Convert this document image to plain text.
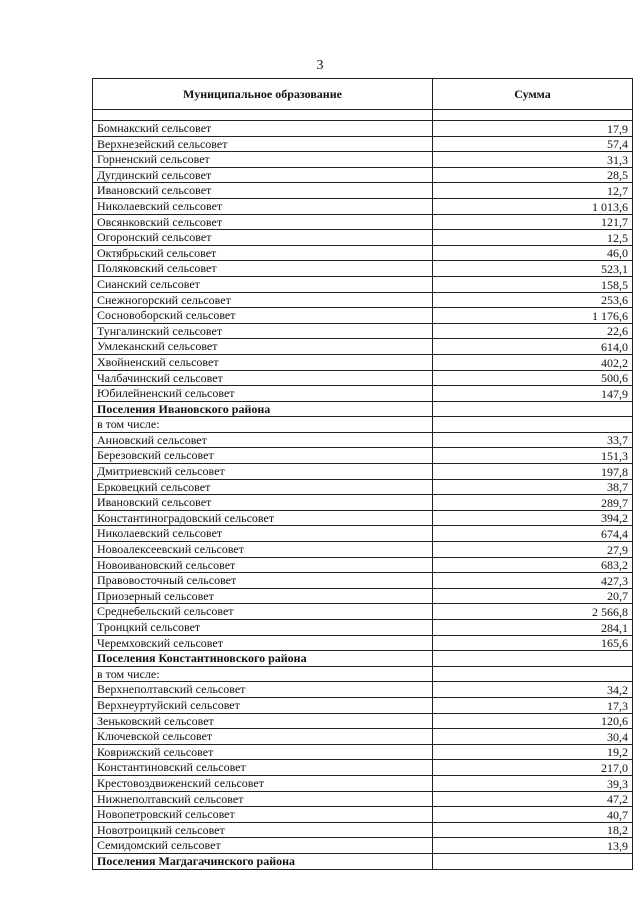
3
Муниципальное образование	Сумма

Бомнакский сельсовет	17,9
Верхнезейский сельсовет	57,4
Горненский сельсовет	31,3
Дугдинский сельсовет	28,5
Ивановский сельсовет	12,7
Николаевский сельсовет	1 013,6
Овсянковский сельсовет	121,7
Огоронский сельсовет	12,5
Октябрьский сельсовет	46,0
Поляковский сельсовет	523,1
Сианский сельсовет	158,5
Снежногорский сельсовет	253,6
Сосновоборский сельсовет	1 176,6
Тунгалинский сельсовет	22,6
Умлеканский сельсовет	614,0
Хвойненский сельсовет	402,2
Чалбачинский сельсовет	500,6
Юбилейненский сельсовет	147,9
Поселения Ивановского района	
в том числе:	
Анновский сельсовет	33,7
Березовский сельсовет	151,3
Дмитриевский сельсовет	197,8
Ерковецкий сельсовет	38,7
Ивановский сельсовет	289,7
Константиноградовский сельсовет	394,2
Николаевский сельсовет	674,4
Новоалексеевский сельсовет	27,9
Новоивановский сельсовет	683,2
Правовосточный сельсовет	427,3
Приозерный сельсовет	20,7
Среднебельский сельсовет	2 566,8
Троицкий сельсовет	284,1
Черемховский сельсовет	165,6
Поселения Константиновского района	
в том числе:	
Верхнеполтавский сельсовет	34,2
Верхнеуртуйский сельсовет	17,3
Зеньковский сельсовет	120,6
Ключевской сельсовет	30,4
Коврижский сельсовет	19,2
Константиновский сельсовет	217,0
Крестовоздвиженский сельсовет	39,3
Нижнеполтавский сельсовет	47,2
Новопетровский сельсовет	40,7
Новотроицкий сельсовет	18,2
Семидомский сельсовет	13,9
Поселения Магдагачинского района	
